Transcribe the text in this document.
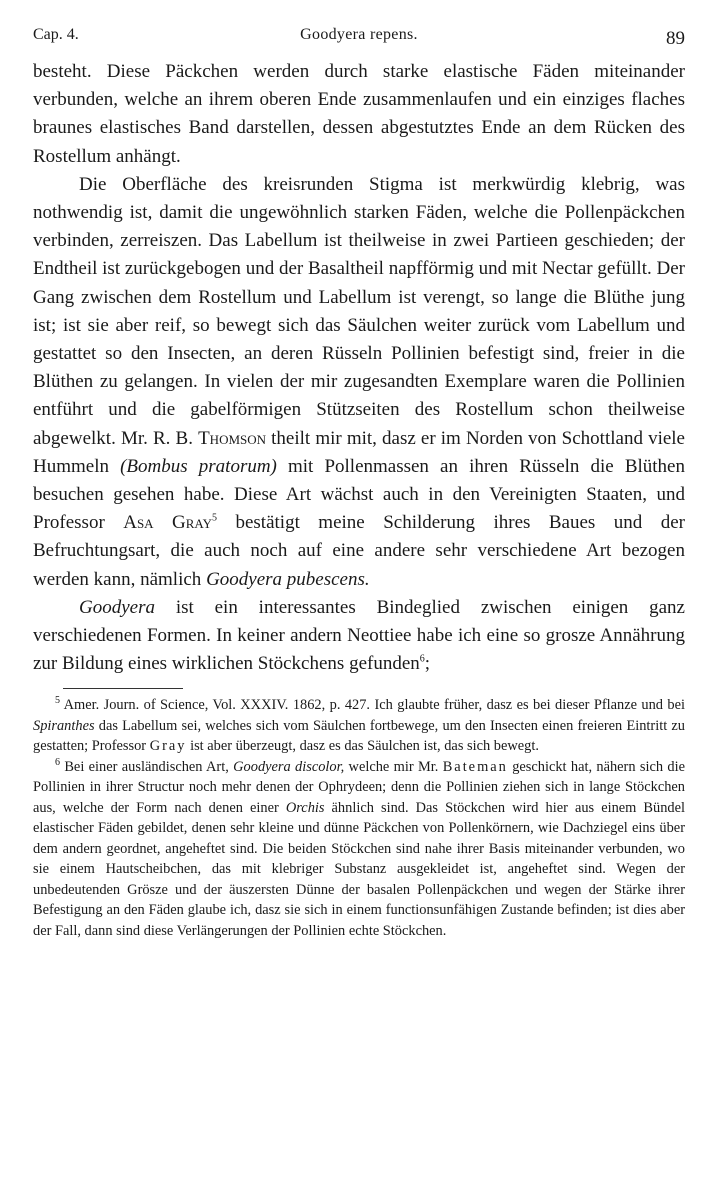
Cap. 4.	Goodyera repens.	89

besteht. Diese Päckchen werden durch starke elastische Fäden miteinander verbunden, welche an ihrem oberen Ende zusammenlaufen und ein einziges flaches braunes elastisches Band darstellen, dessen abgestutztes Ende an dem Rücken des Rostellum anhängt.

Die Oberfläche des kreisrunden Stigma ist merkwürdig klebrig, was nothwendig ist, damit die ungewöhnlich starken Fäden, welche die Pollenpäckchen verbinden, zerreiszen. Das Labellum ist theilweise in zwei Partieen geschieden; der Endtheil ist zurückgebogen und der Basaltheil napfförmig und mit Nectar gefüllt. Der Gang zwischen dem Rostellum und Labellum ist verengt, so lange die Blüthe jung ist; ist sie aber reif, so bewegt sich das Säulchen weiter zurück vom Labellum und gestattet so den Insecten, an deren Rüsseln Pollinien befestigt sind, freier in die Blüthen zu gelangen. In vielen der mir zugesandten Exemplare waren die Pollinien entführt und die gabelförmigen Stützseiten des Rostellum schon theilweise abgewelkt. Mr. R. B. Thomson theilt mir mit, dasz er im Norden von Schottland viele Hummeln (Bombus pratorum) mit Pollenmassen an ihren Rüsseln die Blüthen besuchen gesehen habe. Diese Art wächst auch in den Vereinigten Staaten, und Professor Asa Gray$^5$ bestätigt meine Schilderung ihres Baues und der Befruchtungsart, die auch noch auf eine andere sehr verschiedene Art bezogen werden kann, nämlich Goodyera pubescens.

Goodyera ist ein interessantes Bindeglied zwischen einigen ganz verschiedenen Formen. In keiner andern Neottiee habe ich eine so grosze Annährung zur Bildung eines wirklichen Stöckchens gefunden$^6$;

$^5$ Amer. Journ. of Science, Vol. XXXIV. 1862, p. 427. Ich glaubte früher, dasz es bei dieser Pflanze und bei Spiranthes das Labellum sei, welches sich vom Säulchen fortbewege, um den Insecten einen freieren Eintritt zu gestatten; Professor Gray ist aber überzeugt, dasz es das Säulchen ist, das sich bewegt.

$^6$ Bei einer ausländischen Art, Goodyera discolor, welche mir Mr. Bateman geschickt hat, nähern sich die Pollinien in ihrer Structur noch mehr denen der Ophrydeen; denn die Pollinien ziehen sich in lange Stöckchen aus, welche der Form nach denen einer Orchis ähnlich sind. Das Stöckchen wird hier aus einem Bündel elastischer Fäden gebildet, denen sehr kleine und dünne Päckchen von Pollenkörnern, wie Dachziegel eins über dem andern geordnet, angeheftet sind. Die beiden Stöckchen sind nahe ihrer Basis miteinander verbunden, wo sie einem Hautscheibchen, das mit klebriger Substanz ausgekleidet ist, angeheftet sind. Wegen der unbedeutenden Grösze und der äuszersten Dünne der basalen Pollenpäckchen und wegen der Stärke ihrer Befestigung an den Fäden glaube ich, dasz sie sich in einem functionsunfähigen Zustande befinden; ist dies aber der Fall, dann sind diese Verlängerungen der Pollinien echte Stöckchen.
